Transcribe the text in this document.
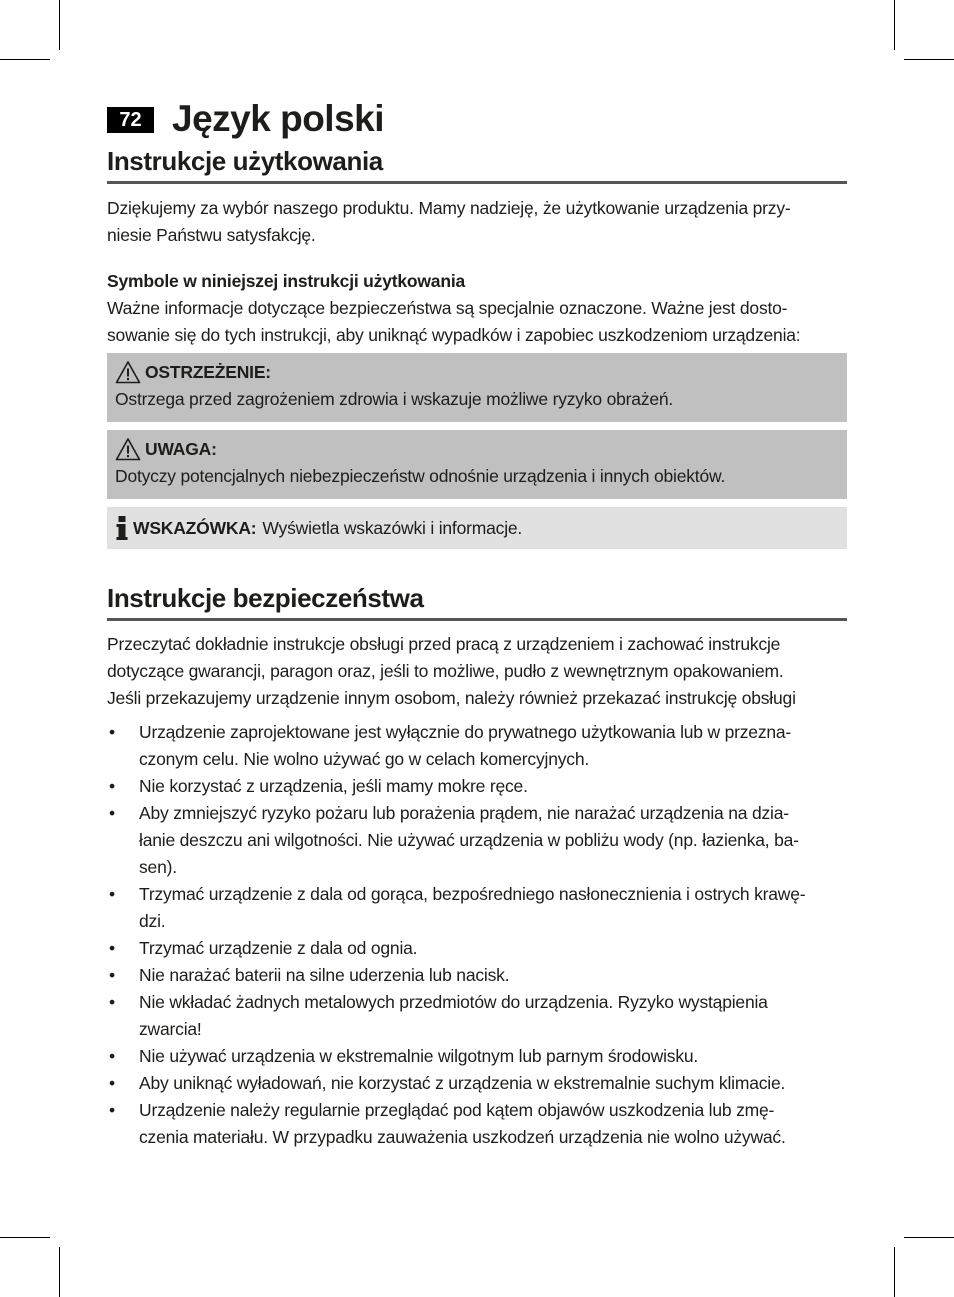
72 Język polski
Instrukcje użytkowania

Dziękujemy za wybór naszego produktu. Mamy nadzieję, że użytkowanie urządzenia przy-
niesie Państwu satysfakcję.

Symbole w niniejszej instrukcji użytkowania

Ważne informacje dotyczące bezpieczeństwa są specjalnie oznaczone. Ważne jest dosto-
sowanie się do tych instrukcji, aby uniknąć wypadków i zapobiec uszkodzeniom urządzenia:

OSTRZEŻENIE:
Ostrzega przed zagrożeniem zdrowia i wskazuje możliwe ryzyko obrażeń.
UWAGA:
Dotyczy potencjalnych niebezpieczeństw odnośnie urządzenia i innych obiektów.
WSKAZÓWKA: Wyświetla wskazówki i informacje.
Instrukcje bezpieczeństwa

Przeczytać dokładnie instrukcje obsługi przed pracą z urządzeniem i zachować instrukcje
dotyczące gwarancji, paragon oraz, jeśli to możliwe, pudło z wewnętrznym opakowaniem.
Jeśli przekazujemy urządzenie innym osobom, należy również przekazać instrukcję obsługi

• Urządzenie zaprojektowane jest wyłącznie do prywatnego użytkowania lub w przezna-
czonym celu. Nie wolno używać go w celach komercyjnych.
• Nie korzystać z urządzenia, jeśli mamy mokre ręce.
• Aby zmniejszyć ryzyko pożaru lub porażenia prądem, nie narażać urządzenia na dzia-
łanie deszczu ani wilgotności. Nie używać urządzenia w pobliżu wody (np. łazienka, ba-
sen).
• Trzymać urządzenie z dala od gorąca, bezpośredniego nasłonecznienia i ostrych krawę-
dzi.
• Trzymać urządzenie z dala od ognia.
• Nie narażać baterii na silne uderzenia lub nacisk.
• Nie wkładać żadnych metalowych przedmiotów do urządzenia. Ryzyko wystąpienia
zwarcia!
• Nie używać urządzenia w ekstremalnie wilgotnym lub parnym środowisku.
• Aby uniknąć wyładowań, nie korzystać z urządzenia w ekstremalnie suchym klimacie.
• Urządzenie należy regularnie przeglądać pod kątem objawów uszkodzenia lub zmę-
czenia materiału. W przypadku zauważenia uszkodzeń urządzenia nie wolno używać.
